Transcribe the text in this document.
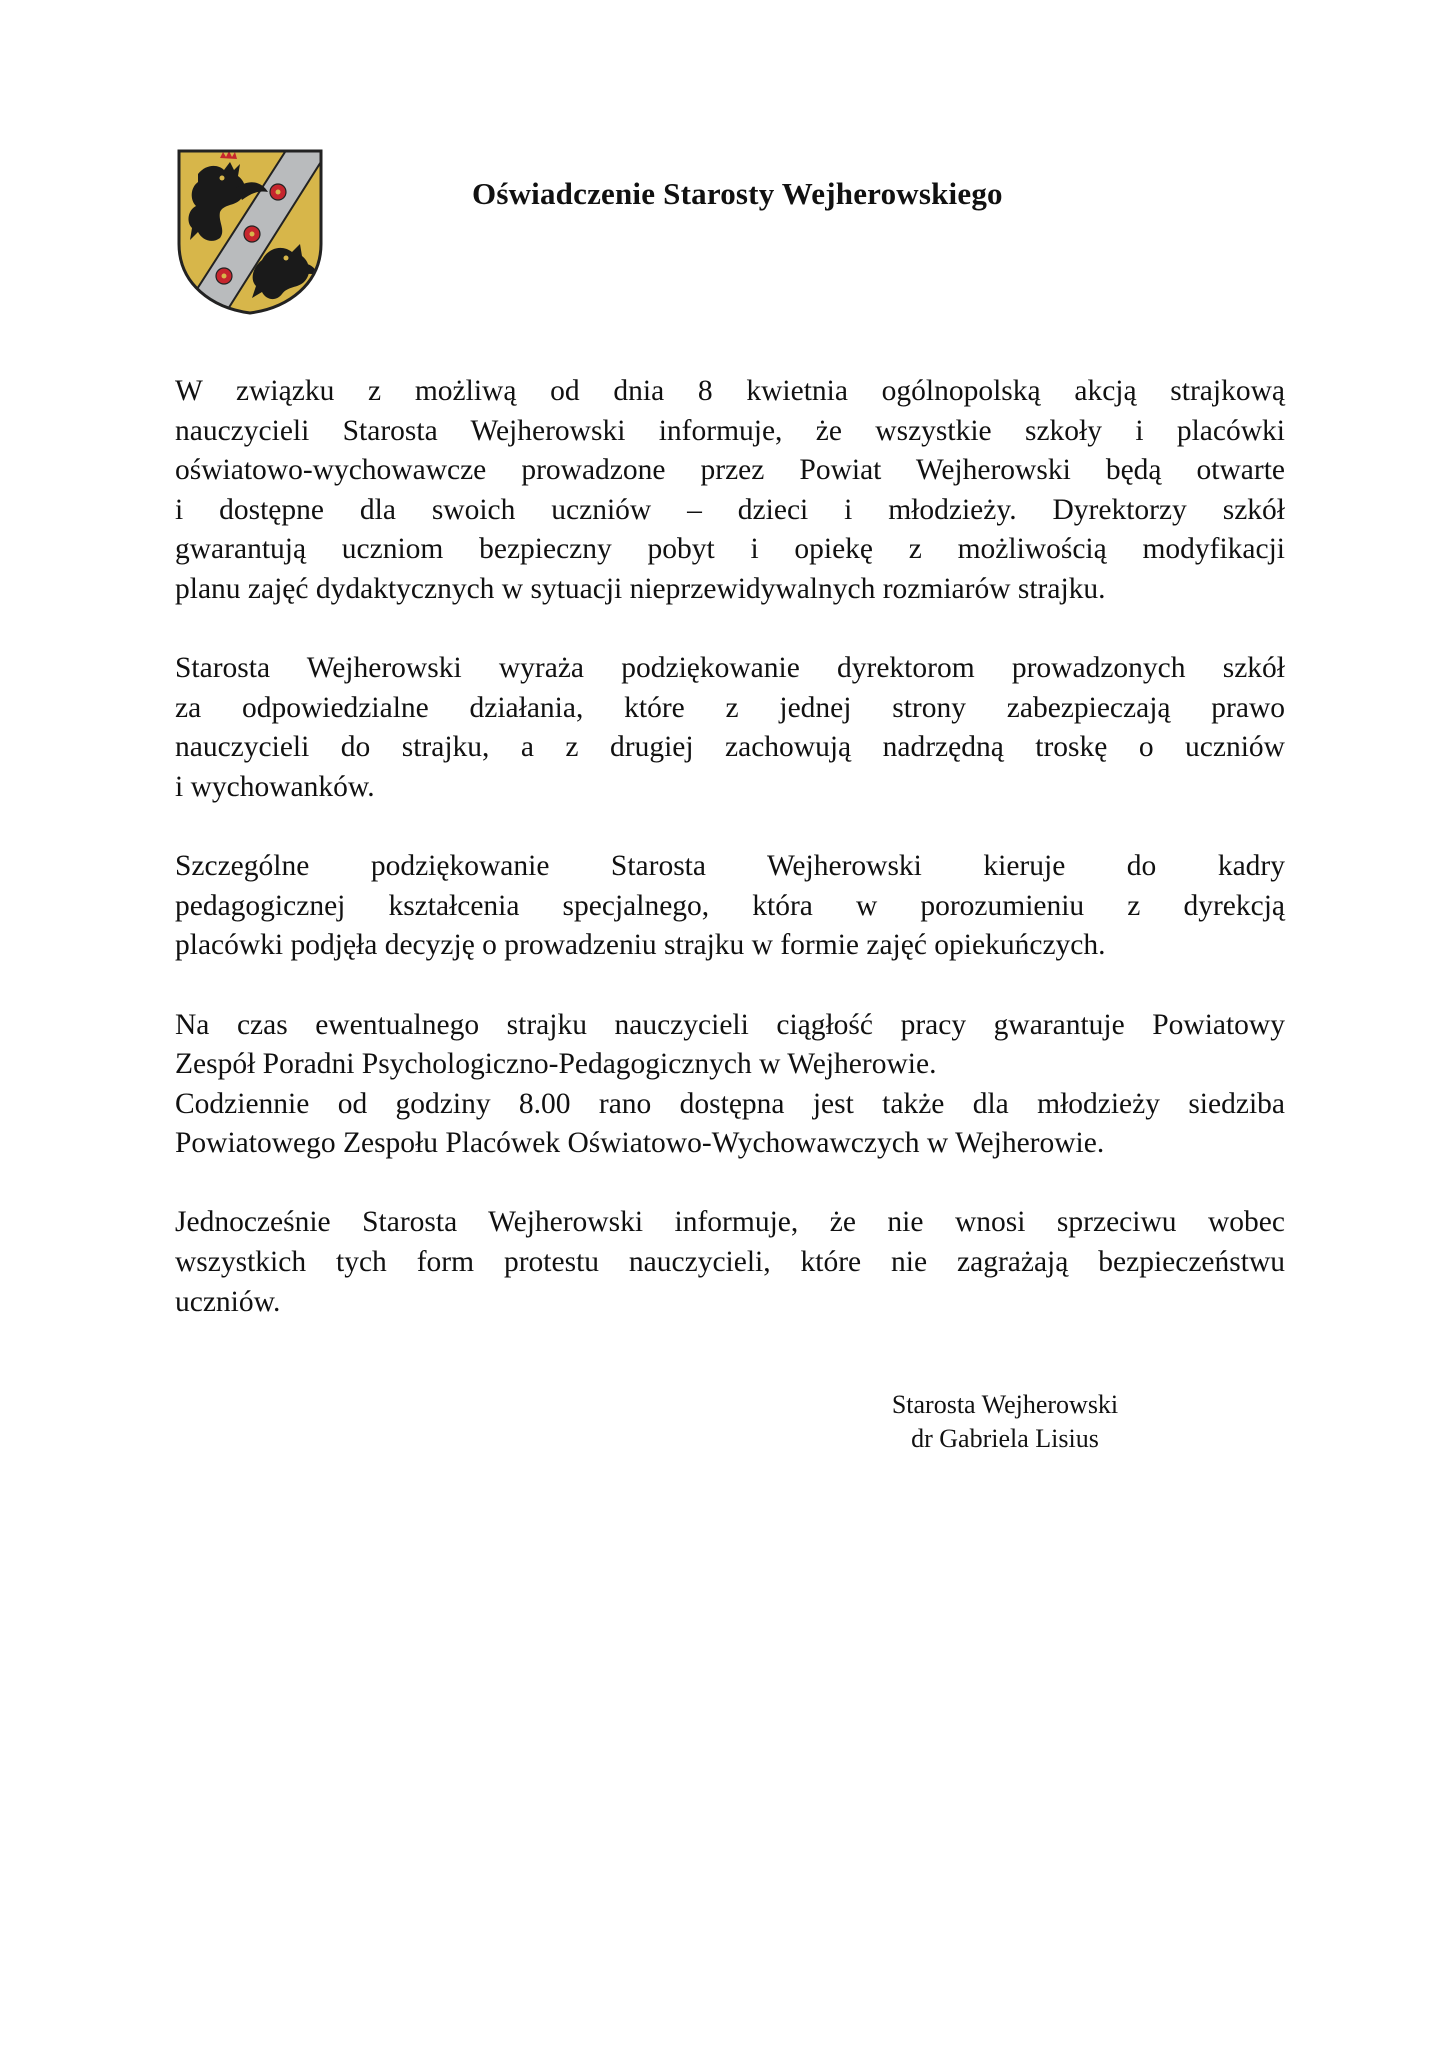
Oświadczenie Starosty Wejherowskiego

W związku z możliwą od dnia 8 kwietnia ogólnopolską akcją strajkową
nauczycieli Starosta Wejherowski informuje, że wszystkie szkoły i placówki
oświatowo-wychowawcze prowadzone przez Powiat Wejherowski będą otwarte
i dostępne dla swoich uczniów – dzieci i młodzieży. Dyrektorzy szkół
gwarantują uczniom bezpieczny pobyt i opiekę z możliwością modyfikacji
planu zajęć dydaktycznych w sytuacji nieprzewidywalnych rozmiarów strajku.

Starosta Wejherowski wyraża podziękowanie dyrektorom prowadzonych szkół
za odpowiedzialne działania, które z jednej strony zabezpieczają prawo
nauczycieli do strajku, a z drugiej zachowują nadrzędną troskę o uczniów
i wychowanków.

Szczególne podziękowanie Starosta Wejherowski kieruje do kadry
pedagogicznej kształcenia specjalnego, która w porozumieniu z dyrekcją
placówki podjęła decyzję o prowadzeniu strajku w formie zajęć opiekuńczych.

Na czas ewentualnego strajku nauczycieli ciągłość pracy gwarantuje Powiatowy
Zespół Poradni Psychologiczno-Pedagogicznych w Wejherowie.
Codziennie od godziny 8.00 rano dostępna jest także dla młodzieży siedziba
Powiatowego Zespołu Placówek Oświatowo-Wychowawczych w Wejherowie.

Jednocześnie Starosta Wejherowski informuje, że nie wnosi sprzeciwu wobec
wszystkich tych form protestu nauczycieli, które nie zagrażają bezpieczeństwu
uczniów.

Starosta Wejherowski
dr Gabriela Lisius
